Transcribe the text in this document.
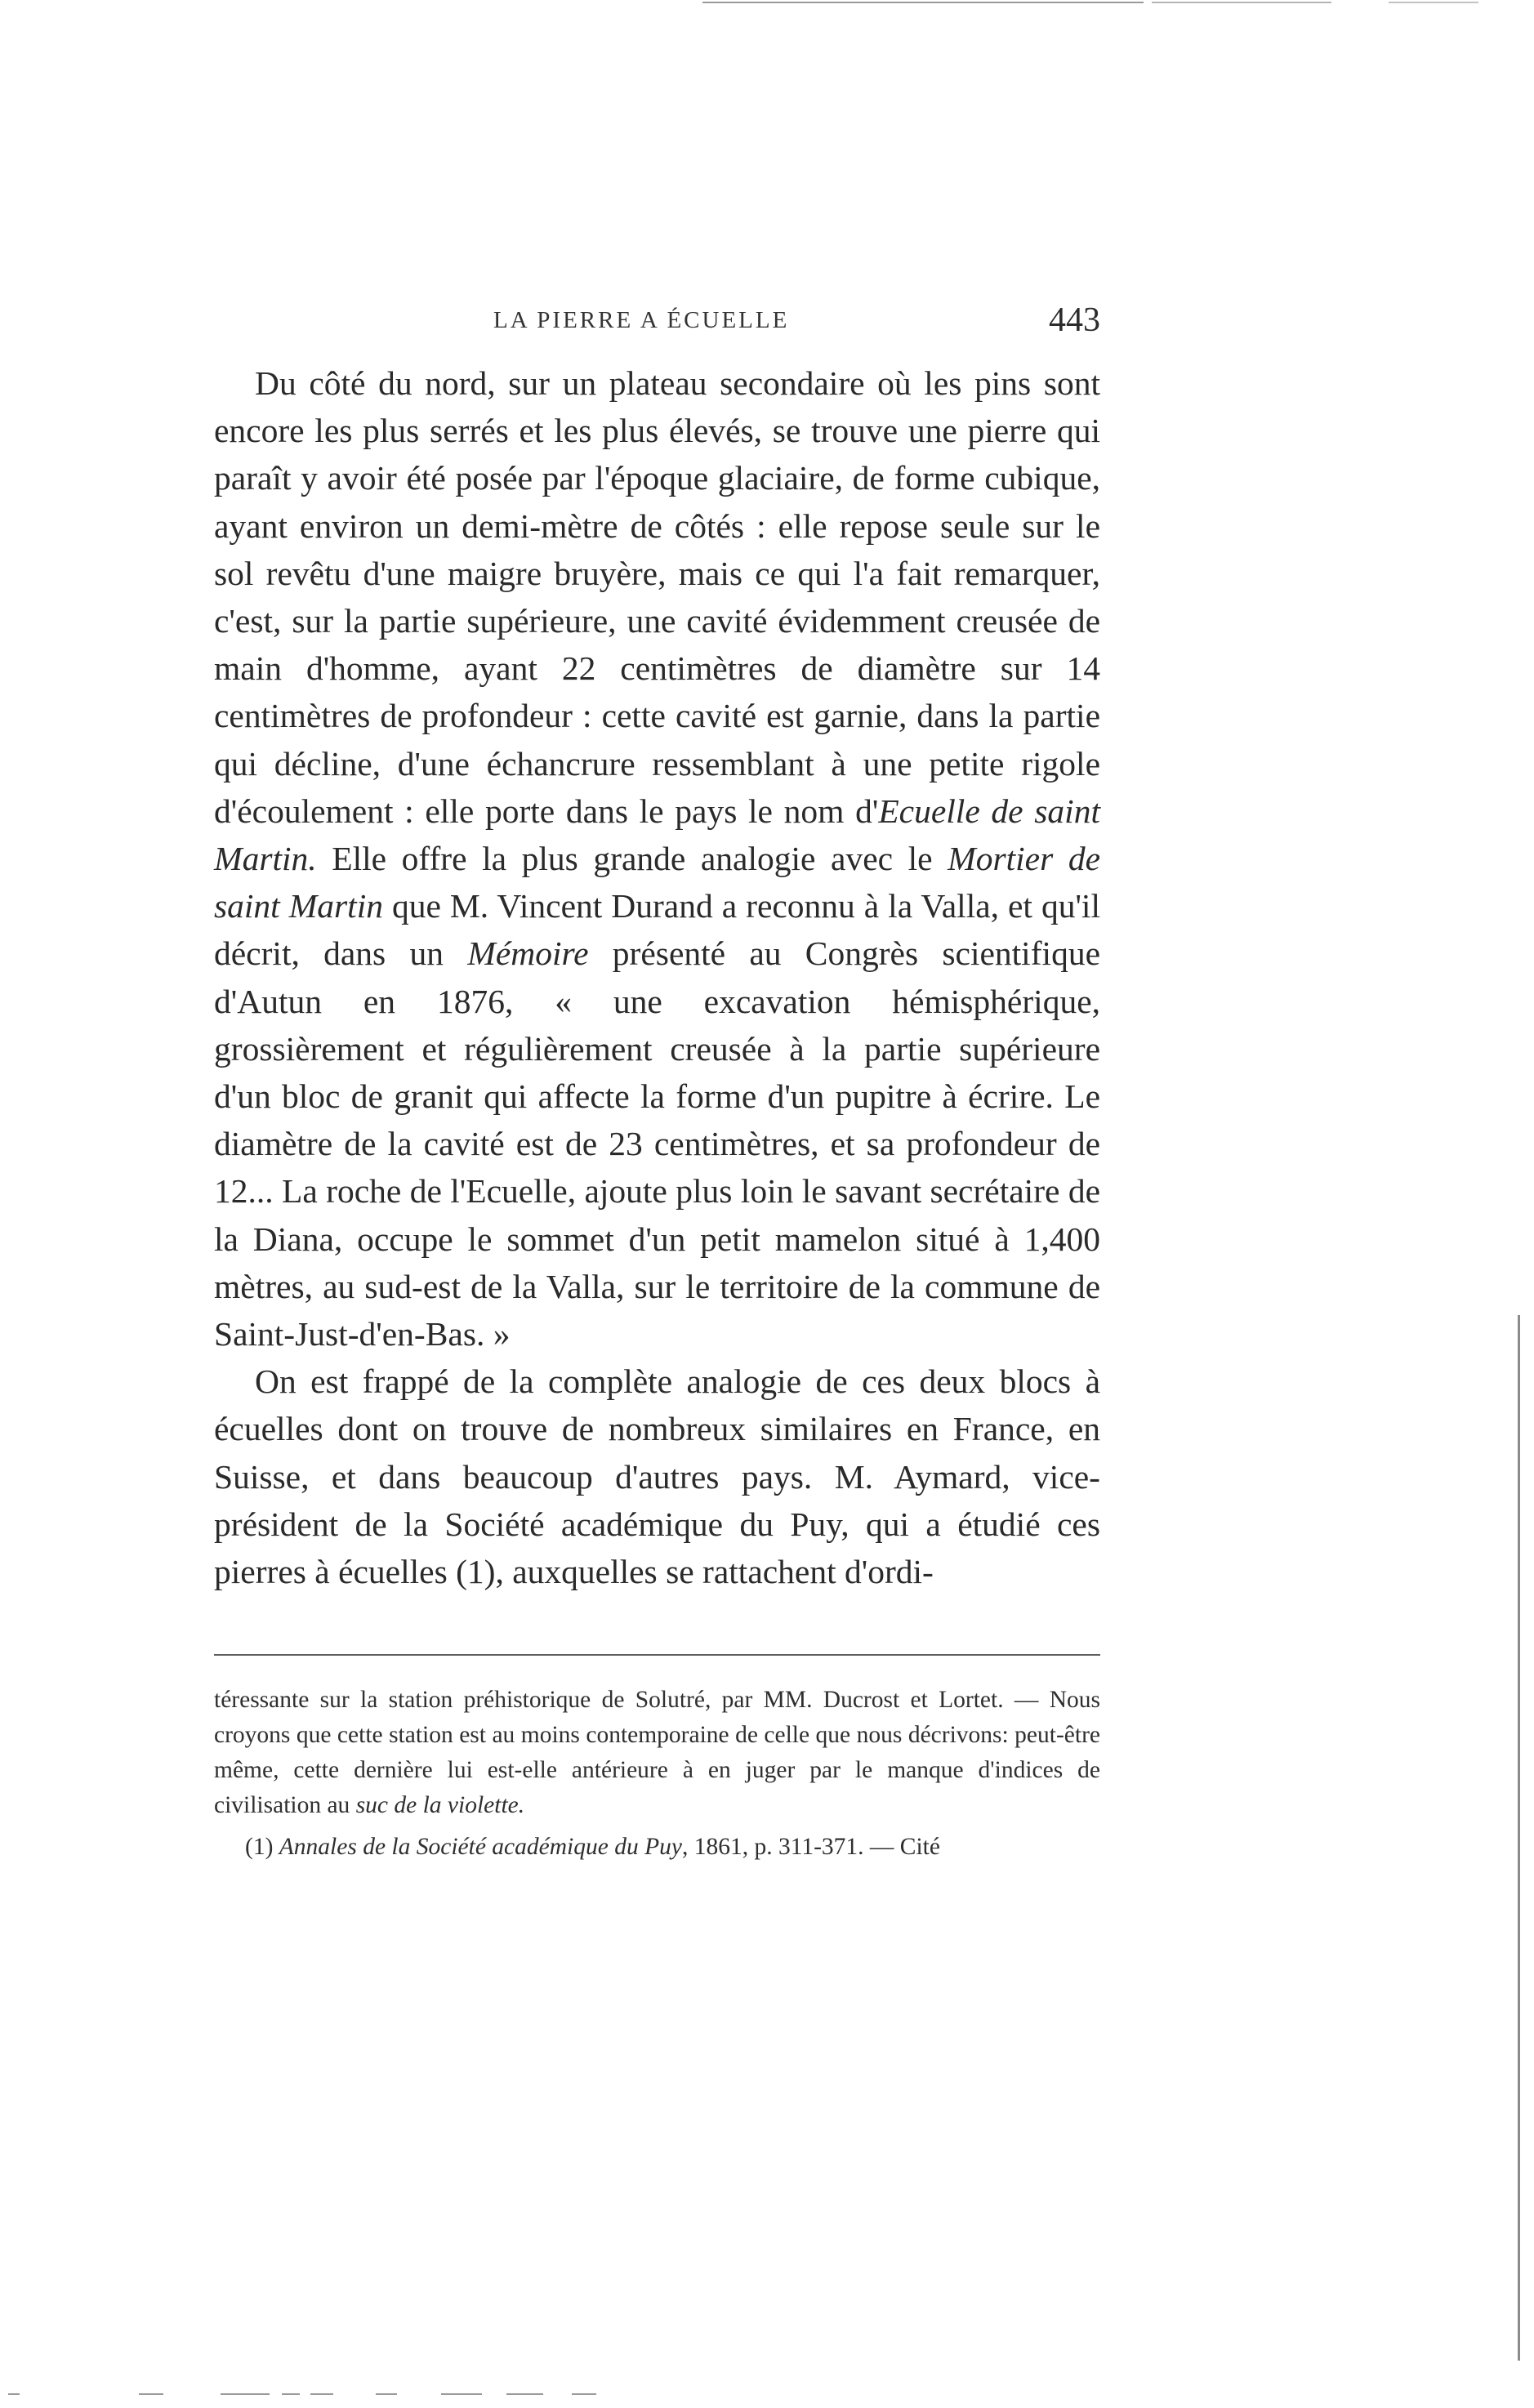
LA PIERRE A ÉCUELLE	443

Du côté du nord, sur un plateau secondaire où les pins sont encore les plus serrés et les plus élevés, se trouve une pierre qui paraît y avoir été posée par l'époque glaciaire, de forme cubique, ayant environ un demi-mètre de côtés : elle repose seule sur le sol revêtu d'une maigre bruyère, mais ce qui l'a fait remarquer, c'est, sur la partie supérieure, une cavité évidemment creusée de main d'homme, ayant 22 centimètres de diamètre sur 14 centimètres de profondeur : cette cavité est garnie, dans la partie qui décline, d'une échancrure ressemblant à une petite rigole d'écoulement : elle porte dans le pays le nom d'Ecuelle de saint Martin. Elle offre la plus grande analogie avec le Mortier de saint Martin que M. Vincent Durand a reconnu à la Valla, et qu'il décrit, dans un Mémoire présenté au Congrès scientifique d'Autun en 1876, « une excavation hémisphérique, grossièrement et régulièrement creusée à la partie supérieure d'un bloc de granit qui affecte la forme d'un pupitre à écrire. Le diamètre de la cavité est de 23 centimètres, et sa profondeur de 12... La roche de l'Ecuelle, ajoute plus loin le savant secrétaire de la Diana, occupe le sommet d'un petit mamelon situé à 1,400 mètres, au sud-est de la Valla, sur le territoire de la commune de Saint-Just-d'en-Bas. »

On est frappé de la complète analogie de ces deux blocs à écuelles dont on trouve de nombreux similaires en France, en Suisse, et dans beaucoup d'autres pays. M. Aymard, vice-président de la Société académique du Puy, qui a étudié ces pierres à écuelles (1), auxquelles se rattachent d'ordi-

téressante sur la station préhistorique de Solutré, par MM. Ducrost et Lortet. — Nous croyons que cette station est au moins contemporaine de celle que nous décrivons: peut-être même, cette dernière lui est-elle antérieure à en juger par le manque d'indices de civilisation au suc de la violette.

(1) Annales de la Société académique du Puy, 1861, p. 311-371. — Cité
